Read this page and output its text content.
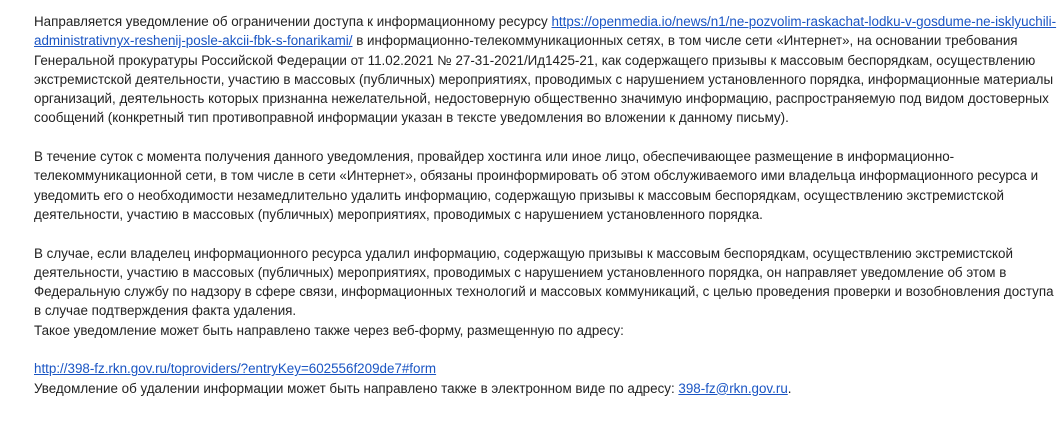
Направляется уведомление об ограничении доступа к информационному ресурсу https://openmedia.io/news/n1/ne-pozvolim-raskachat-lodku-v-gosdume-ne-isklyuchili-administrativnyx-reshenij-posle-akcii-fbk-s-fonarikami/ в информационно-телекоммуникационных сетях, в том числе сети «Интернет», на основании требования Генеральной прокуратуры Российской Федерации от 11.02.2021 № 27-31-2021/Ид1425-21, как содержащего призывы к массовым беспорядкам, осуществлению экстремистской деятельности, участию в массовых (публичных) мероприятиях, проводимых с нарушением установленного порядка, информационные материалы организаций, деятельность которых признанна нежелательной, недостоверную общественно значимую информацию, распространяемую под видом достоверных сообщений (конкретный тип противоправной информации указан в тексте уведомления во вложении к данному письму).

В течение суток с момента получения данного уведомления, провайдер хостинга или иное лицо, обеспечивающее размещение в информационно-телекоммуникационной сети, в том числе в сети «Интернет», обязаны проинформировать об этом обслуживаемого ими владельца информационного ресурса и уведомить его о необходимости незамедлительно удалить информацию, содержащую призывы к массовым беспорядкам, осуществлению экстремистской деятельности, участию в массовых (публичных) мероприятиях, проводимых с нарушением установленного порядка.

В случае, если владелец информационного ресурса удалил информацию, содержащую призывы к массовым беспорядкам, осуществлению экстремистской деятельности, участию в массовых (публичных) мероприятиях, проводимых с нарушением установленного порядка, он направляет уведомление об этом в Федеральную службу по надзору в сфере связи, информационных технологий и массовых коммуникаций, с целью проведения проверки и возобновления доступа в случае подтверждения факта удаления.

Такое уведомление может быть направлено также через веб-форму, размещенную по адресу:

http://398-fz.rkn.gov.ru/toproviders/?entryKey=602556f209de7#form

Уведомление об удалении информации может быть направлено также в электронном виде по адресу: 398-fz@rkn.gov.ru.
